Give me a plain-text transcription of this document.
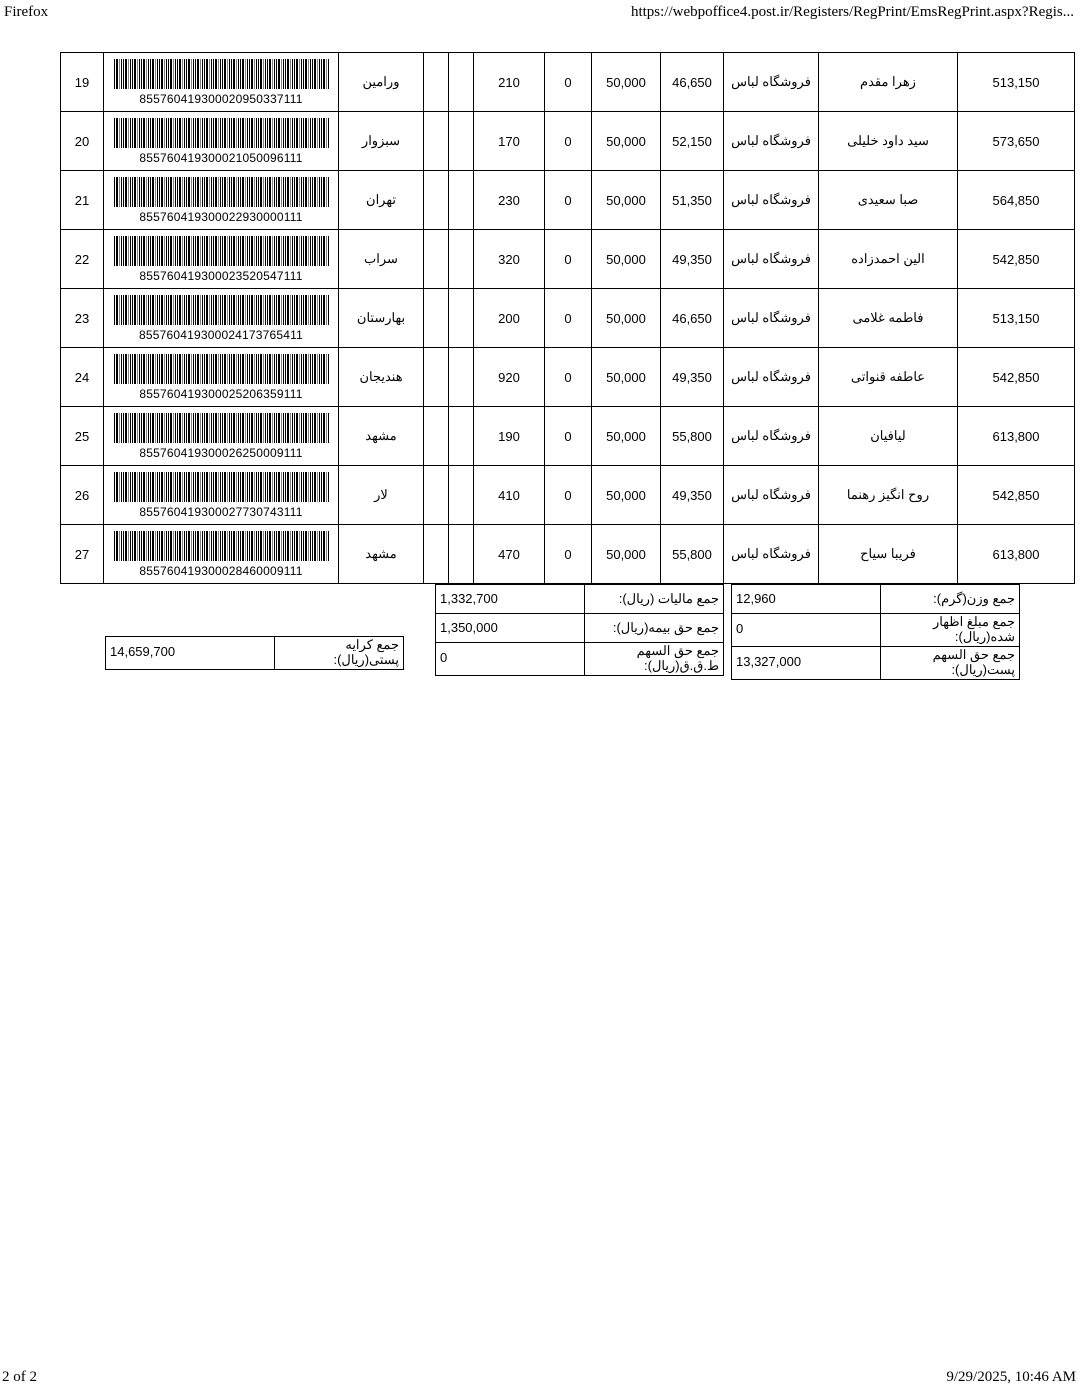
Firefox	https://webpoffice4.post.ir/Registers/RegPrint/EmsRegPrint.aspx?Regis...
513,150	زهرا مقدم	فروشگاه لباس	46,650	50,000	0	210			ورامین	855760419300020950337111	19
573,650	سید داود خلیلی	فروشگاه لباس	52,150	50,000	0	170			سبزوار	855760419300021050096111	20
564,850	صبا سعیدی	فروشگاه لباس	51,350	50,000	0	230			تهران	855760419300022930000111	21
542,850	الین احمدزاده	فروشگاه لباس	49,350	50,000	0	320			سراب	855760419300023520547111	22
513,150	فاطمه غلامی	فروشگاه لباس	46,650	50,000	0	200			بهارستان	855760419300024173765411	23
542,850	عاطفه قنواتی	فروشگاه لباس	49,350	50,000	0	920			هندیجان	855760419300025206359111	24
613,800	لیافیان	فروشگاه لباس	55,800	50,000	0	190			مشهد	855760419300026250009111	25
542,850	روح انگیز رهنما	فروشگاه لباس	49,350	50,000	0	410			لار	855760419300027730743111	26
613,800	فریبا سیاح	فروشگاه لباس	55,800	50,000	0	470			مشهد	855760419300028460009111	27
جمع وزن(گرم):	12,960
جمع مبلغ اظهار شده(ریال):	0
جمع حق السهم پست(ریال):	13,327,000
جمع مالیات (ریال):	1,332,700
جمع حق بیمه(ریال):	1,350,000
جمع حق السهم ط.ق.ق(ریال):	0
جمع کرایه پستی(ریال):	14,659,700
2 of 2	9/29/2025, 10:46 AM
